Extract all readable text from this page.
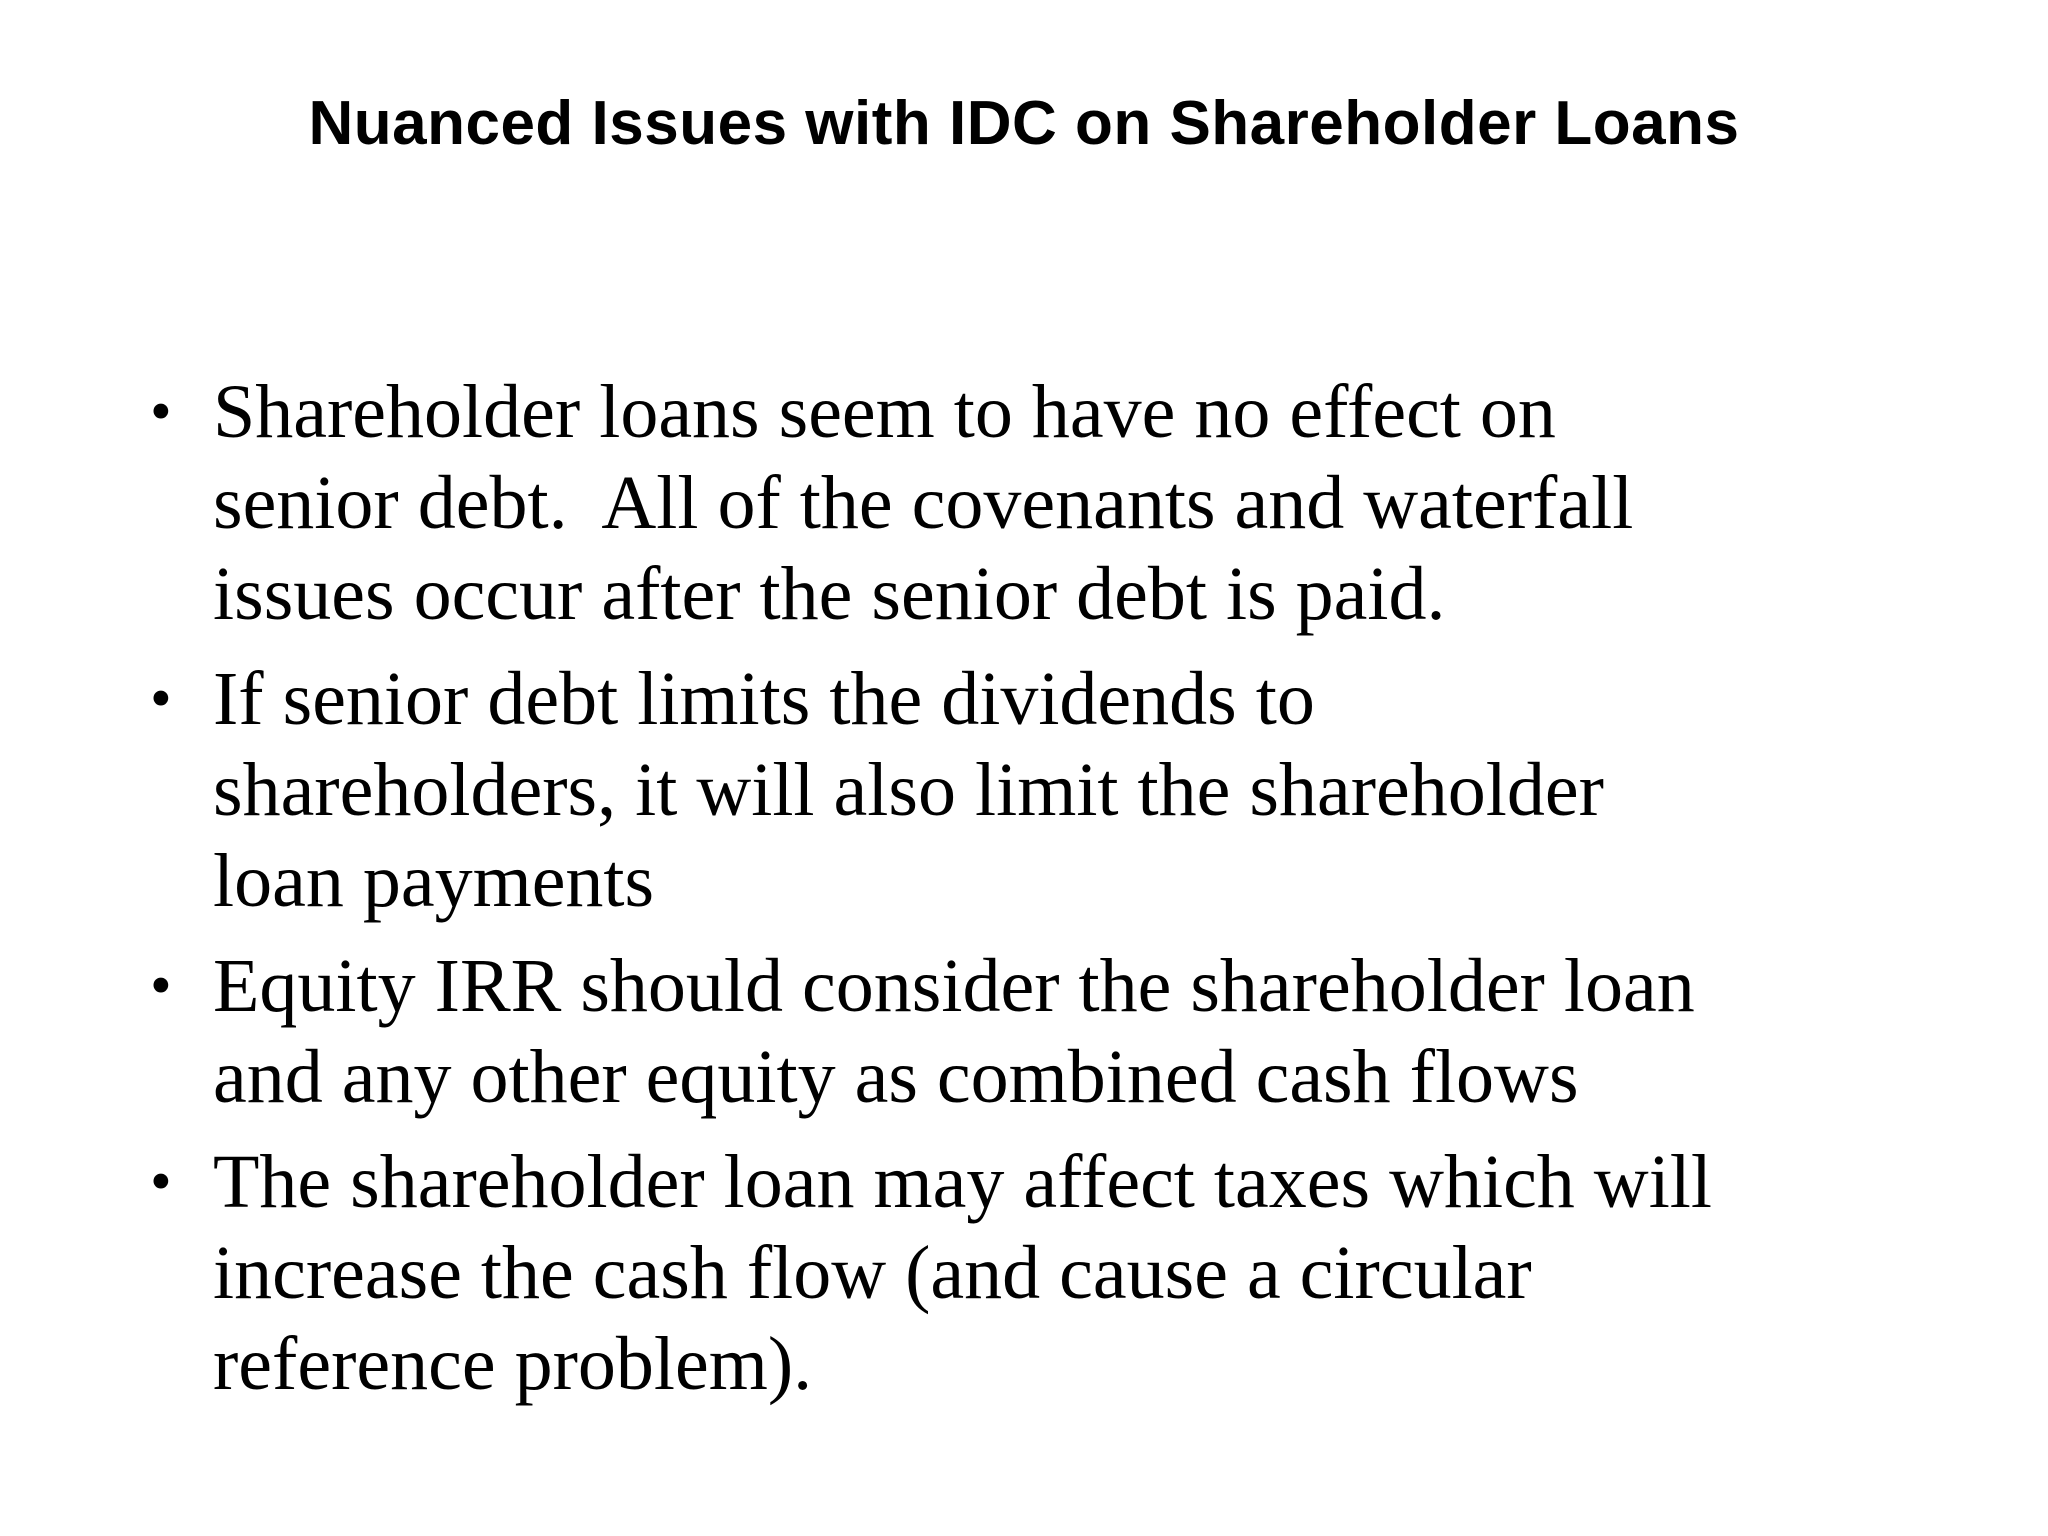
Nuanced Issues with IDC on Shareholder Loans
• Shareholder loans seem to have no effect on
senior debt.  All of the covenants and waterfall
issues occur after the senior debt is paid.
• If senior debt limits the dividends to
shareholders, it will also limit the shareholder
loan payments
• Equity IRR should consider the shareholder loan
and any other equity as combined cash flows
• The shareholder loan may affect taxes which will
increase the cash flow (and cause a circular
reference problem).
